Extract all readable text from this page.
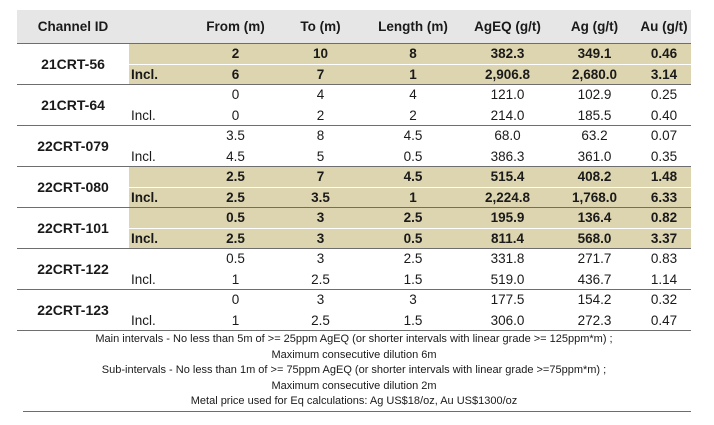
Channel ID		From (m)	To (m)	Length (m)	AgEQ (g/t)	Ag (g/t)	Au (g/t)
21CRT-56		2	10	8	382.3	349.1	0.46
	Incl.	6	7	1	2,906.8	2,680.0	3.14
21CRT-64		0	4	4	121.0	102.9	0.25
	Incl.	0	2	2	214.0	185.5	0.40
22CRT-079		3.5	8	4.5	68.0	63.2	0.07
	Incl.	4.5	5	0.5	386.3	361.0	0.35
22CRT-080		2.5	7	4.5	515.4	408.2	1.48
	Incl.	2.5	3.5	1	2,224.8	1,768.0	6.33
22CRT-101		0.5	3	2.5	195.9	136.4	0.82
	Incl.	2.5	3	0.5	811.4	568.0	3.37
22CRT-122		0.5	3	2.5	331.8	271.7	0.83
	Incl.	1	2.5	1.5	519.0	436.7	1.14
22CRT-123		0	3	3	177.5	154.2	0.32
	Incl.	1	2.5	1.5	306.0	272.3	0.47
Main intervals - No less than 5m of >= 25ppm AgEQ (or shorter intervals with linear grade >= 125ppm*m) ;
Maximum consecutive dilution 6m
Sub-intervals - No less than 1m of >= 75ppm AgEQ (or shorter intervals with linear grade >=75ppm*m) ;
Maximum consecutive dilution 2m
Metal price used for Eq calculations: Ag US$18/oz, Au US$1300/oz
